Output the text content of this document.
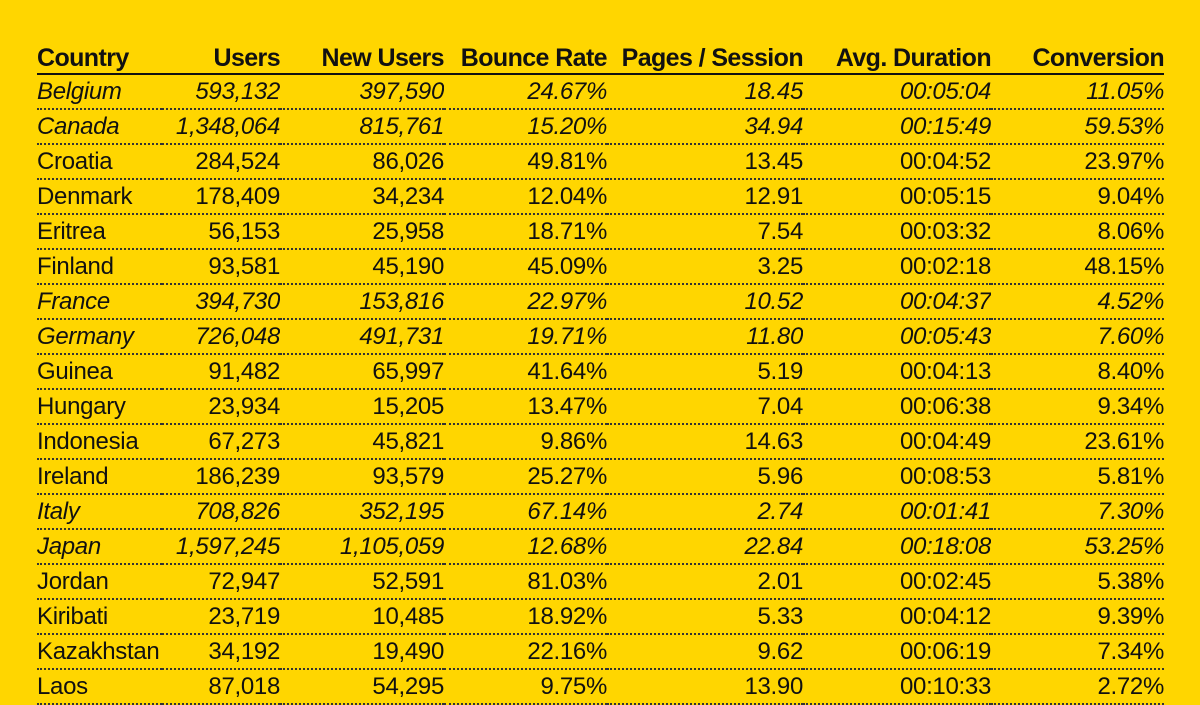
Country	Users	New Users	Bounce Rate	Pages / Session	Avg. Duration	Conversion
Belgium	593,132	397,590	24.67%	18.45	00:05:04	11.05%
Canada	1,348,064	815,761	15.20%	34.94	00:15:49	59.53%
Croatia	284,524	86,026	49.81%	13.45	00:04:52	23.97%
Denmark	178,409	34,234	12.04%	12.91	00:05:15	9.04%
Eritrea	56,153	25,958	18.71%	7.54	00:03:32	8.06%
Finland	93,581	45,190	45.09%	3.25	00:02:18	48.15%
France	394,730	153,816	22.97%	10.52	00:04:37	4.52%
Germany	726,048	491,731	19.71%	11.80	00:05:43	7.60%
Guinea	91,482	65,997	41.64%	5.19	00:04:13	8.40%
Hungary	23,934	15,205	13.47%	7.04	00:06:38	9.34%
Indonesia	67,273	45,821	9.86%	14.63	00:04:49	23.61%
Ireland	186,239	93,579	25.27%	5.96	00:08:53	5.81%
Italy	708,826	352,195	67.14%	2.74	00:01:41	7.30%
Japan	1,597,245	1,105,059	12.68%	22.84	00:18:08	53.25%
Jordan	72,947	52,591	81.03%	2.01	00:02:45	5.38%
Kiribati	23,719	10,485	18.92%	5.33	00:04:12	9.39%
Kazakhstan	34,192	19,490	22.16%	9.62	00:06:19	7.34%
Laos	87,018	54,295	9.75%	13.90	00:10:33	2.72%
